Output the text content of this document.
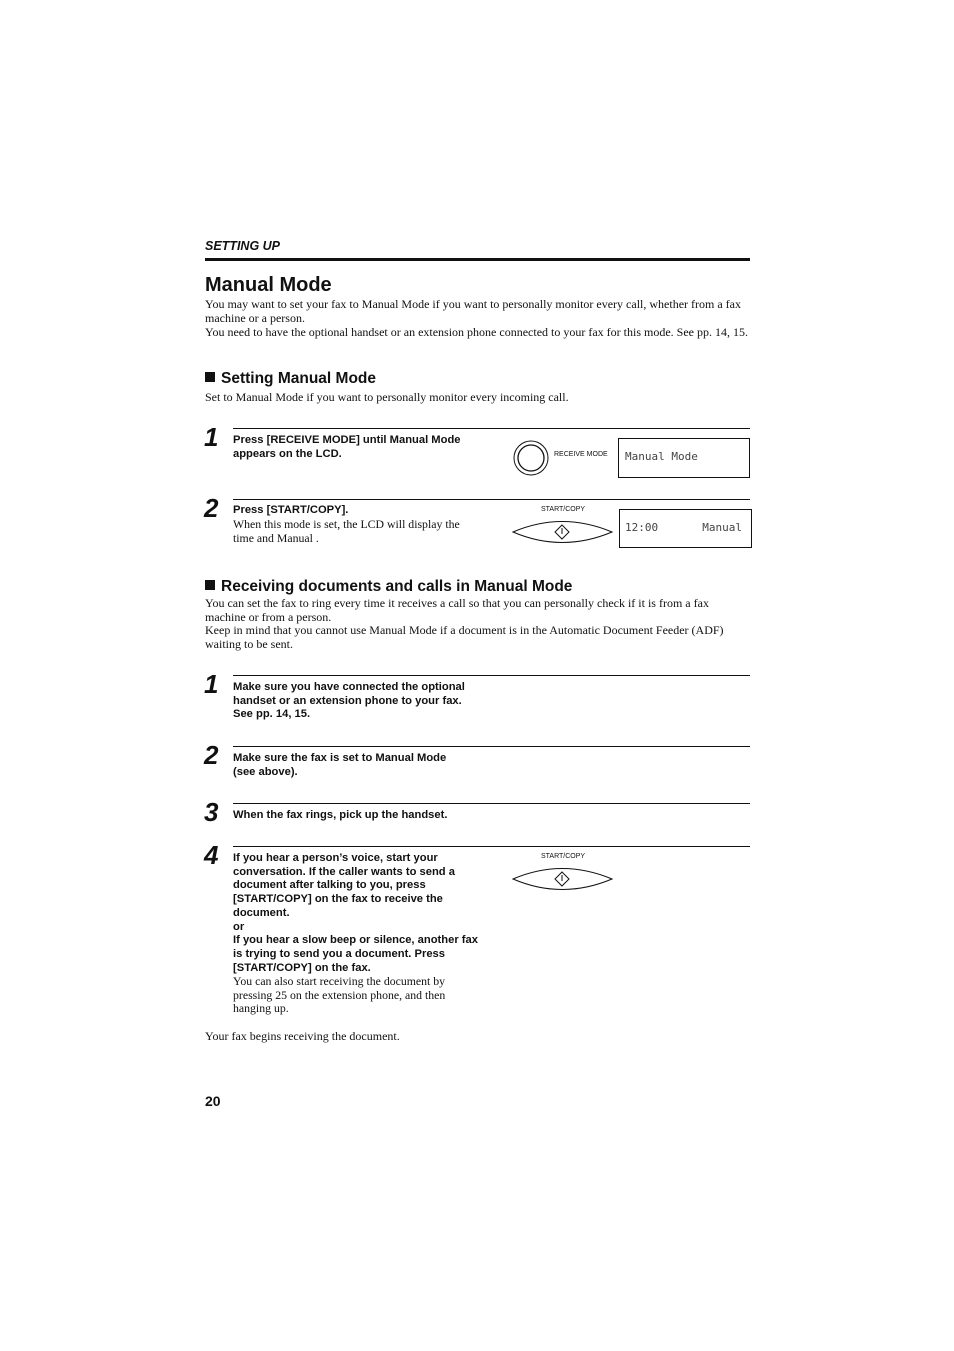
SETTING UP
Manual Mode
You may want to set your fax to Manual Mode if you want to personally monitor every call, whether from a fax machine or a person.
You need to have the optional handset or an extension phone connected to your fax for this mode. See pp. 14, 15.
Setting Manual Mode
Set to Manual Mode if you want to personally monitor every incoming call.
1 Press [RECEIVE MODE] until Manual Mode
appears on the LCD.	RECEIVE MODE	Manual Mode
2 Press [START/COPY].
When this mode is set, the LCD will display the
time and Manual .
START/COPY
12:00	Manual
Receiving documents and calls in Manual Mode
You can set the fax to ring every time it receives a call so that you can personally check if it is from a fax machine or from a person.
Keep in mind that you cannot use Manual Mode if a document is in the Automatic Document Feeder (ADF) waiting to be sent.
1 Make sure you have connected the optional
handset or an extension phone to your fax.
See pp. 14, 15.
2 Make sure the fax is set to Manual Mode
(see above).
3 When the fax rings, pick up the handset.
4 If you hear a person’s voice, start your
conversation. If the caller wants to send a
document after talking to you, press
[START/COPY] on the fax to receive the
document.
or
If you hear a slow beep or silence, another fax
is trying to send you a document. Press
[START/COPY] on the fax.
You can also start receiving the document by
pressing 25 on the extension phone, and then
hanging up.
START/COPY
Your fax begins receiving the document.
20
